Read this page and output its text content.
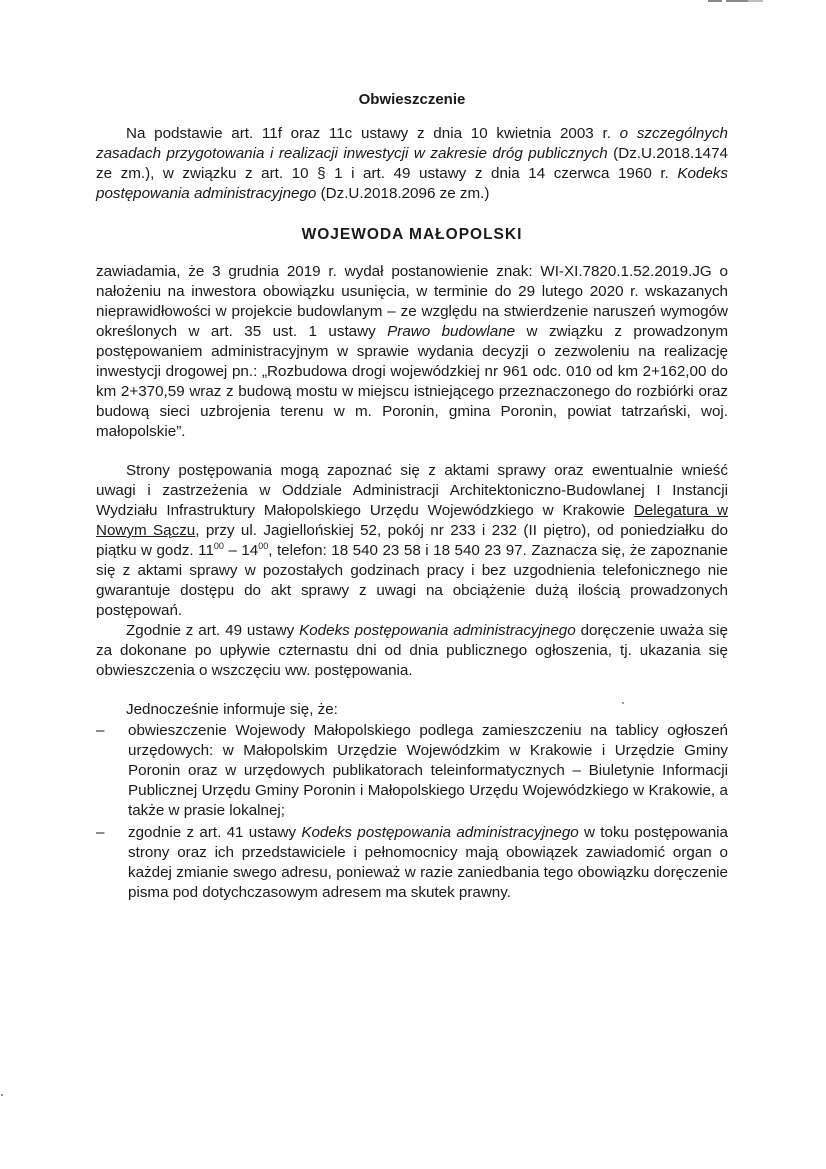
Obwieszczenie

Na podstawie art. 11f oraz 11c ustawy z dnia 10 kwietnia 2003 r. o szczególnych zasadach przygotowania i realizacji inwestycji w zakresie dróg publicznych (Dz.U.2018.1474 ze zm.), w związku z art. 10 § 1 i art. 49 ustawy z dnia 14 czerwca 1960 r. Kodeks postępowania administracyjnego (Dz.U.2018.2096 ze zm.)

WOJEWODA MAŁOPOLSKI

zawiadamia, że 3 grudnia 2019 r. wydał postanowienie znak: WI-XI.7820.1.52.2019.JG o nałożeniu na inwestora obowiązku usunięcia, w terminie do 29 lutego 2020 r. wskazanych nieprawidłowości w projekcie budowlanym – ze względu na stwierdzenie naruszeń wymogów określonych w art. 35 ust. 1 ustawy Prawo budowlane w związku z prowadzonym postępowaniem administracyjnym w sprawie wydania decyzji o zezwoleniu na realizację inwestycji drogowej pn.: „Rozbudowa drogi wojewódzkiej nr 961 odc. 010 od km 2+162,00 do km 2+370,59 wraz z budową mostu w miejscu istniejącego przeznaczonego do rozbiórki oraz budową sieci uzbrojenia terenu w m. Poronin, gmina Poronin, powiat tatrzański, woj. małopolskie”.

Strony postępowania mogą zapoznać się z aktami sprawy oraz ewentualnie wnieść uwagi i zastrzeżenia w Oddziale Administracji Architektoniczno-Budowlanej I Instancji Wydziału Infrastruktury Małopolskiego Urzędu Wojewódzkiego w Krakowie Delegatura w Nowym Sączu, przy ul. Jagiellońskiej 52, pokój nr 233 i 232 (II piętro), od poniedziałku do piątku w godz. $11^{00} - 14^{00}$, telefon: 18 540 23 58 i 18 540 23 97. Zaznacza się, że zapoznanie się z aktami sprawy w pozostałych godzinach pracy i bez uzgodnienia telefonicznego nie gwarantuje dostępu do akt sprawy z uwagi na obciążenie dużą ilością prowadzonych postępowań.

Zgodnie z art. 49 ustawy Kodeks postępowania administracyjnego doręczenie uważa się za dokonane po upływie czternastu dni od dnia publicznego ogłoszenia, tj. ukazania się obwieszczenia o wszczęciu ww. postępowania.

Jednocześnie informuje się, że:

– obwieszczenie Wojewody Małopolskiego podlega zamieszczeniu na tablicy ogłoszeń urzędowych: w Małopolskim Urzędzie Wojewódzkim w Krakowie i Urzędzie Gminy Poronin oraz w urzędowych publikatorach teleinformatycznych – Biuletynie Informacji Publicznej Urzędu Gminy Poronin i Małopolskiego Urzędu Wojewódzkiego w Krakowie, a także w prasie lokalnej;
– zgodnie z art. 41 ustawy Kodeks postępowania administracyjnego w toku postępowania strony oraz ich przedstawiciele i pełnomocnicy mają obowiązek zawiadomić organ o każdej zmianie swego adresu, ponieważ w razie zaniedbania tego obowiązku doręczenie pisma pod dotychczasowym adresem ma skutek prawny.
